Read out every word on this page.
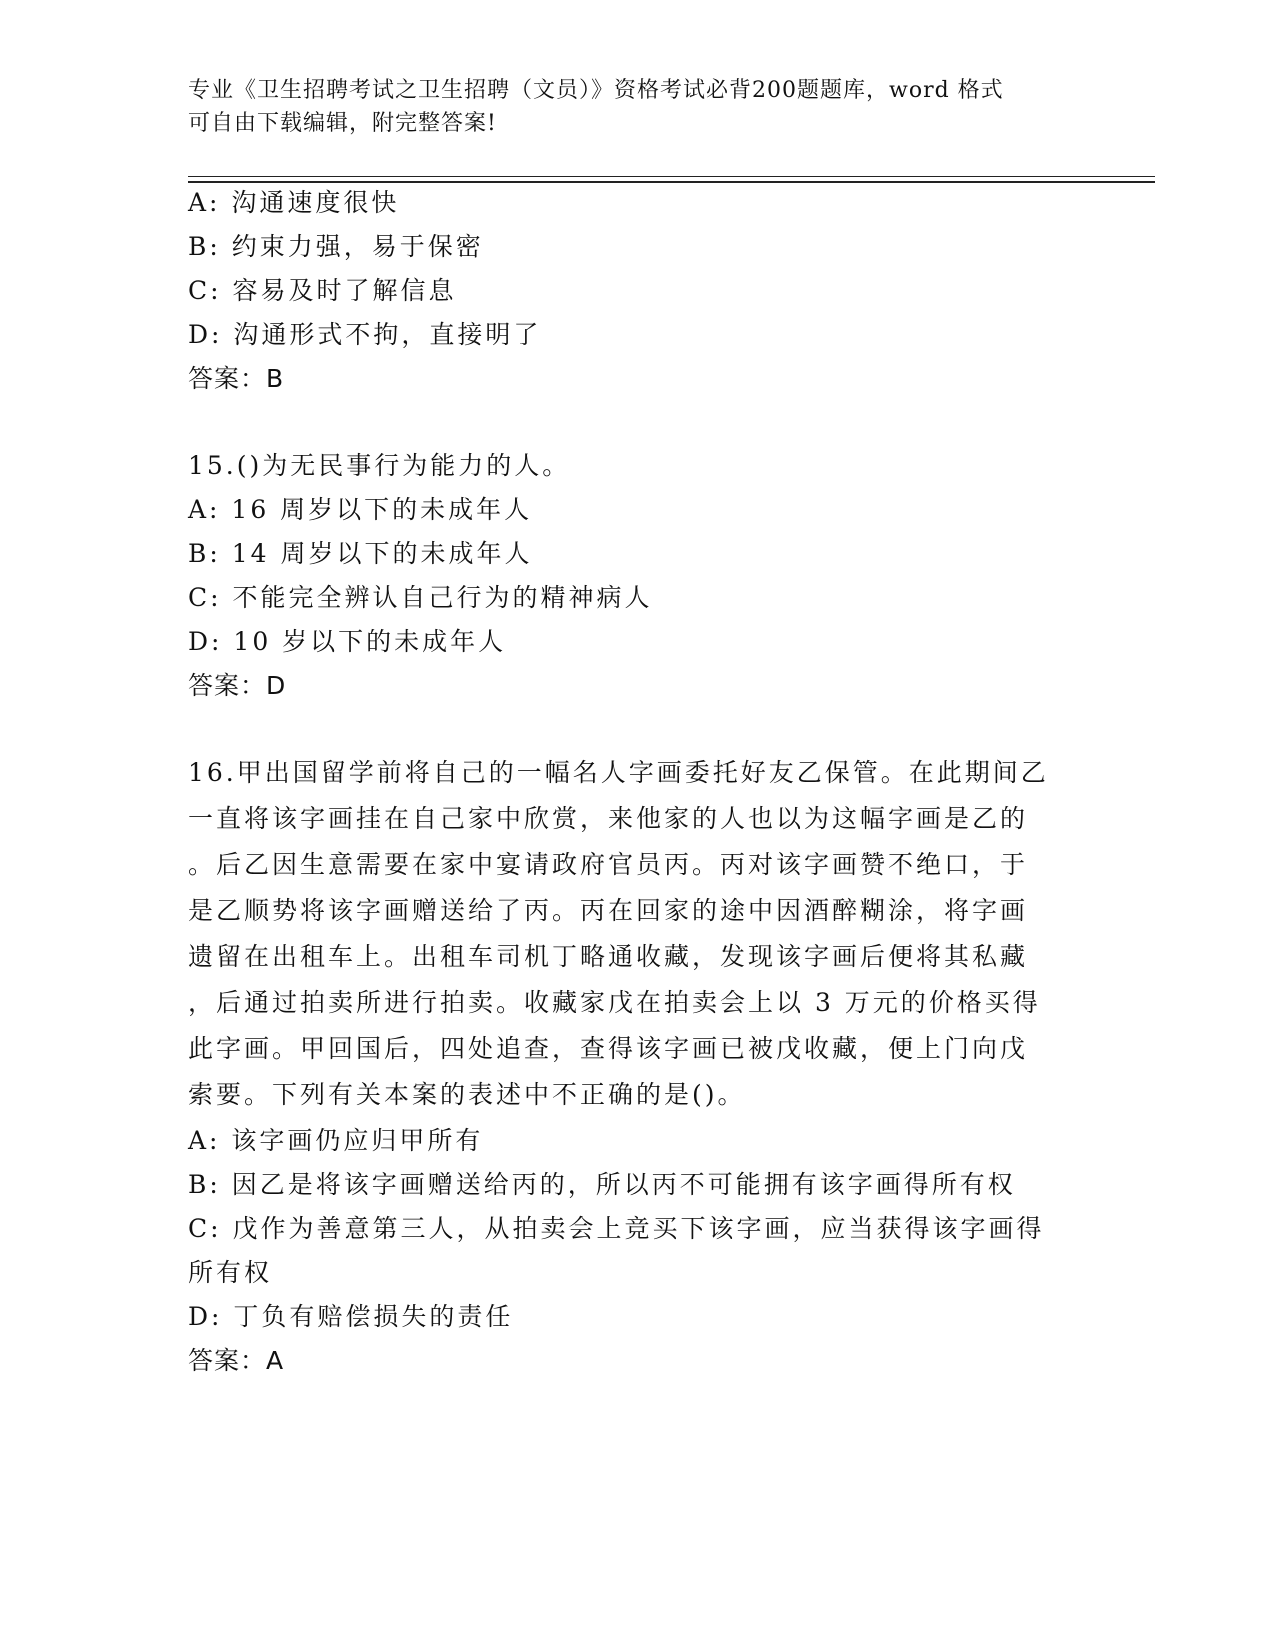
专业《卫生招聘考试之卫生招聘（文员）》资格考试必背200题题库，word 格式
可自由下载编辑，附完整答案!
A: 沟通速度很快
B: 约束力强，易于保密
C: 容易及时了解信息
D: 沟通形式不拘，直接明了
答案：B
15.()为无民事行为能力的人。
A: 16 周岁以下的未成年人
B: 14 周岁以下的未成年人
C: 不能完全辨认自己行为的精神病人
D: 10 岁以下的未成年人
答案：D
16.甲出国留学前将自己的一幅名人字画委托好友乙保管。在此期间乙
一直将该字画挂在自己家中欣赏，来他家的人也以为这幅字画是乙的
。后乙因生意需要在家中宴请政府官员丙。丙对该字画赞不绝口，于
是乙顺势将该字画赠送给了丙。丙在回家的途中因酒醉糊涂，将字画
遗留在出租车上。出租车司机丁略通收藏，发现该字画后便将其私藏
，后通过拍卖所进行拍卖。收藏家戊在拍卖会上以 3 万元的价格买得
此字画。甲回国后，四处追查，查得该字画已被戊收藏，便上门向戊
索要。下列有关本案的表述中不正确的是()。
A: 该字画仍应归甲所有
B: 因乙是将该字画赠送给丙的，所以丙不可能拥有该字画得所有权
C: 戊作为善意第三人，从拍卖会上竞买下该字画，应当获得该字画得
所有权
D: 丁负有赔偿损失的责任
答案：A
